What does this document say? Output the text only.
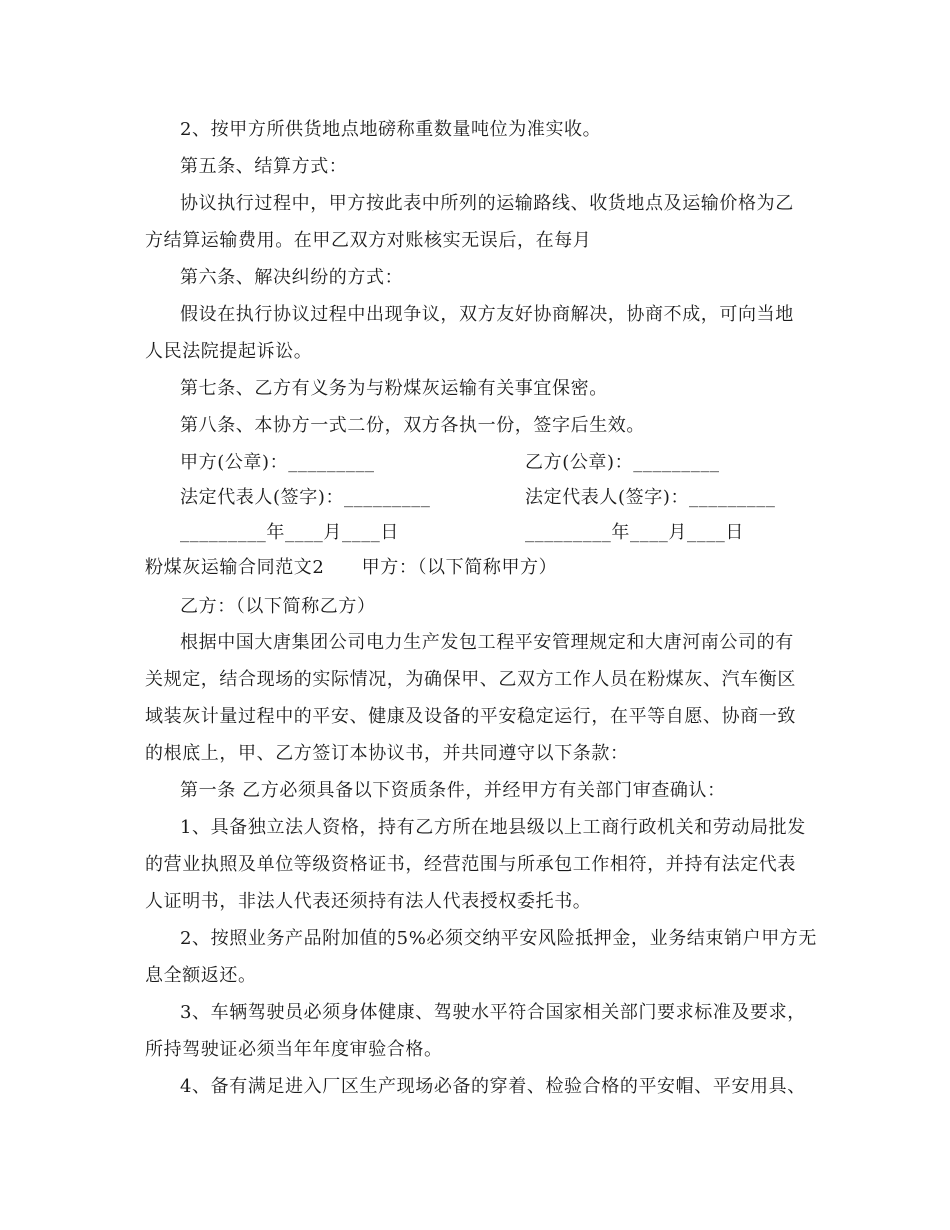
2、按甲方所供货地点地磅称重数量吨位为准实收。
第五条、结算方式：
协议执行过程中，甲方按此表中所列的运输路线、收货地点及运输价格为乙
方结算运输费用。在甲乙双方对账核实无误后，在每月
第六条、解决纠纷的方式：
假设在执行协议过程中出现争议，双方友好协商解决，协商不成，可向当地
人民法院提起诉讼。
第七条、乙方有义务为与粉煤灰运输有关事宜保密。
第八条、本协方一式二份，双方各执一份，签字后生效。
甲方(公章)：_________	乙方(公章)：_________
法定代表人(签字)：_________	法定代表人(签字)：_________
_________年____月____日	_________年____月____日
粉煤灰运输合同范文2　　甲方：（以下简称甲方）
乙方：（以下简称乙方）
根据中国大唐集团公司电力生产发包工程平安管理规定和大唐河南公司的有
关规定，结合现场的实际情况，为确保甲、乙双方工作人员在粉煤灰、汽车衡区
域装灰计量过程中的平安、健康及设备的平安稳定运行，在平等自愿、协商一致
的根底上，甲、乙方签订本协议书，并共同遵守以下条款：
第一条 乙方必须具备以下资质条件，并经甲方有关部门审查确认：
1、具备独立法人资格，持有乙方所在地县级以上工商行政机关和劳动局批发
的营业执照及单位等级资格证书，经营范围与所承包工作相符，并持有法定代表
人证明书，非法人代表还须持有法人代表授权委托书。
2、按照业务产品附加值的5%必须交纳平安风险抵押金，业务结束销户甲方无
息全额返还。
3、车辆驾驶员必须身体健康、驾驶水平符合国家相关部门要求标准及要求，
所持驾驶证必须当年年度审验合格。
4、备有满足进入厂区生产现场必备的穿着、检验合格的平安帽、平安用具、
